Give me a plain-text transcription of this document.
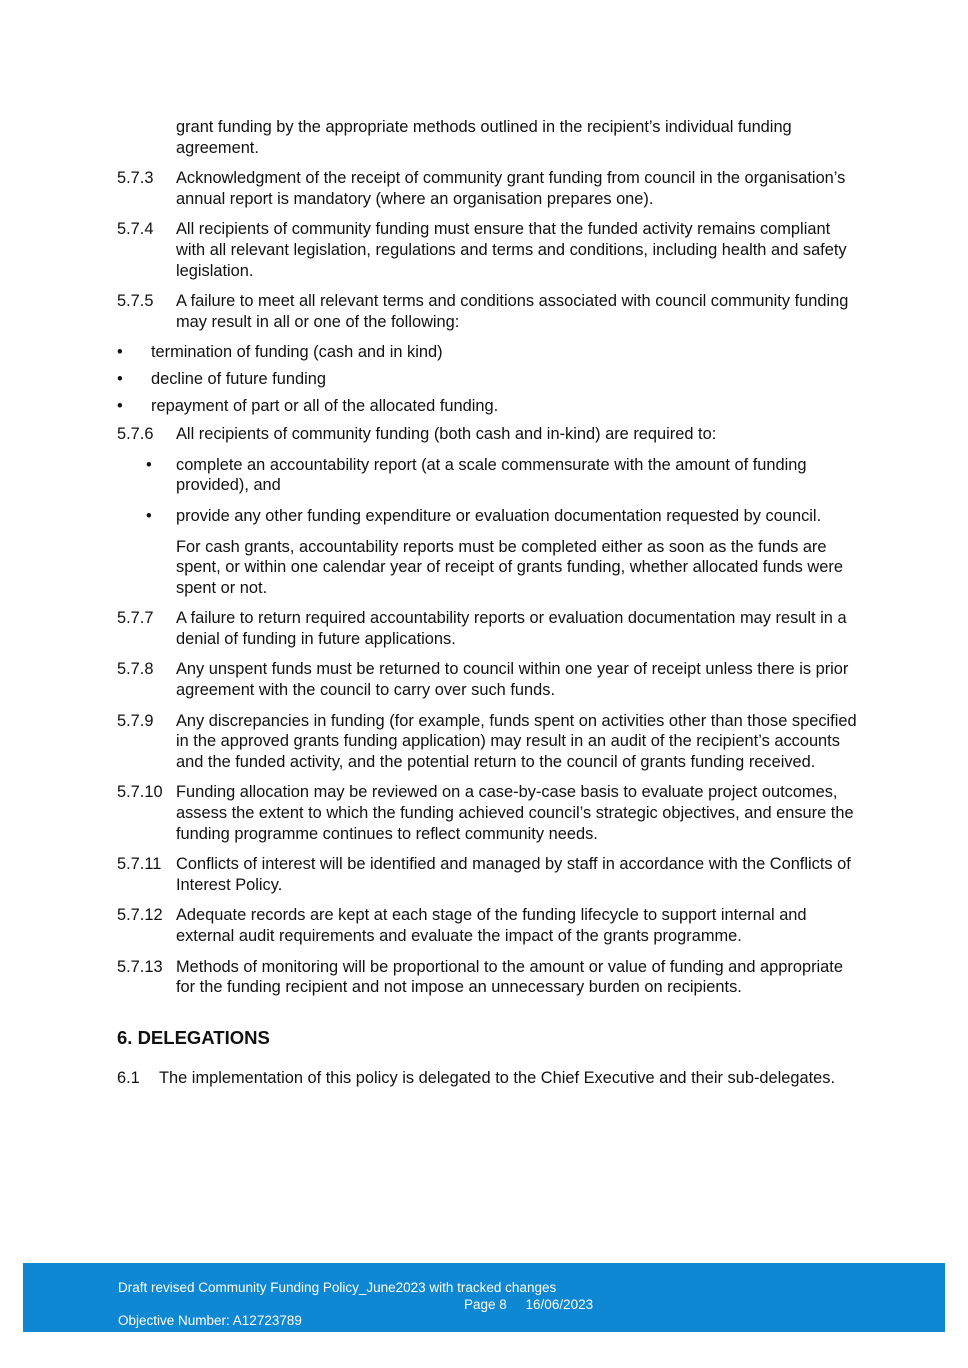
grant funding by the appropriate methods outlined in the recipient’s individual funding agreement.

5.7.3	Acknowledgment of the receipt of community grant funding from council in the organisation’s annual report is mandatory (where an organisation prepares one).
5.7.4	All recipients of community funding must ensure that the funded activity remains compliant with all relevant legislation, regulations and terms and conditions, including health and safety legislation.
5.7.5	A failure to meet all relevant terms and conditions associated with council community funding may result in all or one of the following:
•	termination of funding (cash and in kind)
•	decline of future funding
•	repayment of part or all of the allocated funding.
5.7.6	All recipients of community funding (both cash and in-kind) are required to:
•	complete an accountability report (at a scale commensurate with the amount of funding provided), and
•	provide any other funding expenditure or evaluation documentation requested by council.

For cash grants, accountability reports must be completed either as soon as the funds are spent, or within one calendar year of receipt of grants funding, whether allocated funds were spent or not.

5.7.7	A failure to return required accountability reports or evaluation documentation may result in a denial of funding in future applications.
5.7.8	Any unspent funds must be returned to council within one year of receipt unless there is prior agreement with the council to carry over such funds.
5.7.9	Any discrepancies in funding (for example, funds spent on activities other than those specified in the approved grants funding application) may result in an audit of the recipient’s accounts and the funded activity, and the potential return to the council of grants funding received.
5.7.10 Funding allocation may be reviewed on a case-by-case basis to evaluate project outcomes, assess the extent to which the funding achieved council’s strategic objectives, and ensure the funding programme continues to reflect community needs.
5.7.11 Conflicts of interest will be identified and managed by staff in accordance with the Conflicts of Interest Policy.
5.7.12 Adequate records are kept at each stage of the funding lifecycle to support internal and external audit requirements and evaluate the impact of the grants programme.
5.7.13 Methods of monitoring will be proportional to the amount or value of funding and appropriate for the funding recipient and not impose an unnecessary burden on recipients.
6. DELEGATIONS
6.1	The implementation of this policy is delegated to the Chief Executive and their sub-delegates.
Draft revised Community Funding Policy_June2023 with tracked changes
Page 8     16/06/2023
Objective Number: A12723789
